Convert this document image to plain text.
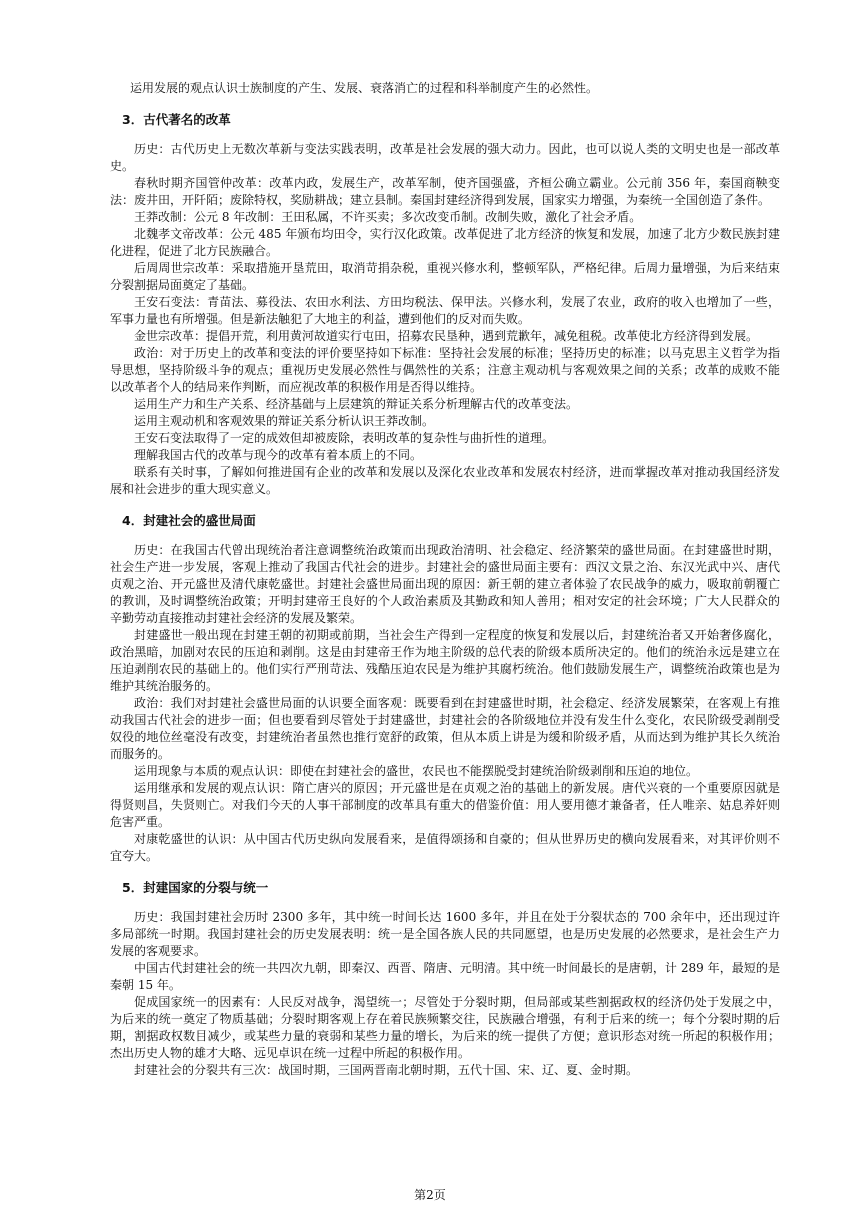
运用发展的观点认识士族制度的产生、发展、衰落消亡的过程和科举制度产生的必然性。

3．古代著名的改革

历史：古代历史上无数次革新与变法实践表明，改革是社会发展的强大动力。因此，也可以说人类的文明史也是一部改革史。

春秋时期齐国管仲改革：改革内政，发展生产，改革军制，使齐国强盛，齐桓公确立霸业。公元前 356 年，秦国商鞅变法：废井田，开阡陌；废除特权，奖励耕战；建立县制。秦国封建经济得到发展，国家实力增强，为秦统一全国创造了条件。

王莽改制：公元 8 年改制：王田私属，不许买卖；多次改变币制。改制失败，激化了社会矛盾。

北魏孝文帝改革：公元 485 年颁布均田令，实行汉化政策。改革促进了北方经济的恢复和发展，加速了北方少数民族封建化进程，促进了北方民族融合。

后周周世宗改革：采取措施开垦荒田，取消苛捐杂税，重视兴修水利，整顿军队，严格纪律。后周力量增强，为后来结束分裂割据局面奠定了基础。

王安石变法：青苗法、募役法、农田水利法、方田均税法、保甲法。兴修水利，发展了农业，政府的收入也增加了一些，军事力量也有所增强。但是新法触犯了大地主的利益，遭到他们的反对而失败。

金世宗改革：提倡开荒，利用黄河故道实行屯田，招募农民垦种，遇到荒歉年，减免租税。改革使北方经济得到发展。

政治：对于历史上的改革和变法的评价要坚持如下标准：坚持社会发展的标准；坚持历史的标准；以马克思主义哲学为指导思想，坚持阶级斗争的观点；重视历史发展必然性与偶然性的关系；注意主观动机与客观效果之间的关系；改革的成败不能以改革者个人的结局来作判断，而应视改革的积极作用是否得以维持。

运用生产力和生产关系、经济基础与上层建筑的辩证关系分析理解古代的改革变法。

运用主观动机和客观效果的辩证关系分析认识王莽改制。

王安石变法取得了一定的成效但却被废除，表明改革的复杂性与曲折性的道理。

理解我国古代的改革与现今的改革有着本质上的不同。

联系有关时事，了解如何推进国有企业的改革和发展以及深化农业改革和发展农村经济，进而掌握改革对推动我国经济发展和社会进步的重大现实意义。

4．封建社会的盛世局面

历史：在我国古代曾出现统治者注意调整统治政策而出现政治清明、社会稳定、经济繁荣的盛世局面。在封建盛世时期，社会生产进一步发展，客观上推动了我国古代社会的进步。封建社会的盛世局面主要有：西汉文景之治、东汉光武中兴、唐代贞观之治、开元盛世及清代康乾盛世。封建社会盛世局面出现的原因：新王朝的建立者体验了农民战争的威力，吸取前朝覆亡的教训，及时调整统治政策；开明封建帝王良好的个人政治素质及其勤政和知人善用；相对安定的社会环境；广大人民群众的辛勤劳动直接推动封建社会经济的发展及繁荣。

封建盛世一般出现在封建王朝的初期或前期，当社会生产得到一定程度的恢复和发展以后，封建统治者又开始奢侈腐化，政治黑暗，加剧对农民的压迫和剥削。这是由封建帝王作为地主阶级的总代表的阶级本质所决定的。他们的统治永远是建立在压迫剥削农民的基础上的。他们实行严刑苛法、残酷压迫农民是为维护其腐朽统治。他们鼓励发展生产，调整统治政策也是为维护其统治服务的。

政治：我们对封建社会盛世局面的认识要全面客观：既要看到在封建盛世时期，社会稳定、经济发展繁荣，在客观上有推动我国古代社会的进步一面；但也要看到尽管处于封建盛世，封建社会的各阶级地位并没有发生什么变化，农民阶级受剥削受奴役的地位丝毫没有改变，封建统治者虽然也推行宽舒的政策，但从本质上讲是为缓和阶级矛盾，从而达到为维护其长久统治而服务的。

运用现象与本质的观点认识：即使在封建社会的盛世，农民也不能摆脱受封建统治阶级剥削和压迫的地位。

运用继承和发展的观点认识：隋亡唐兴的原因；开元盛世是在贞观之治的基础上的新发展。唐代兴衰的一个重要原因就是得贤则昌，失贤则亡。对我们今天的人事干部制度的改革具有重大的借鉴价值：用人要用德才兼备者，任人唯亲、姑息养奸则危害严重。

对康乾盛世的认识：从中国古代历史纵向发展看来，是值得颂扬和自豪的；但从世界历史的横向发展看来，对其评价则不宜夸大。

5．封建国家的分裂与统一

历史：我国封建社会历时 2300 多年，其中统一时间长达 1600 多年，并且在处于分裂状态的 700 余年中，还出现过许多局部统一时期。我国封建社会的历史发展表明：统一是全国各族人民的共同愿望，也是历史发展的必然要求，是社会生产力发展的客观要求。

中国古代封建社会的统一共四次九朝，即秦汉、西晋、隋唐、元明清。其中统一时间最长的是唐朝，计 289 年，最短的是秦朝 15 年。

促成国家统一的因素有：人民反对战争，渴望统一；尽管处于分裂时期，但局部或某些割据政权的经济仍处于发展之中，为后来的统一奠定了物质基础；分裂时期客观上存在着民族频繁交往，民族融合增强，有利于后来的统一；每个分裂时期的后期，割据政权数目减少，或某些力量的衰弱和某些力量的增长，为后来的统一提供了方便；意识形态对统一所起的积极作用；杰出历史人物的雄才大略、远见卓识在统一过程中所起的积极作用。

封建社会的分裂共有三次：战国时期，三国两晋南北朝时期，五代十国、宋、辽、夏、金时期。

第2页
